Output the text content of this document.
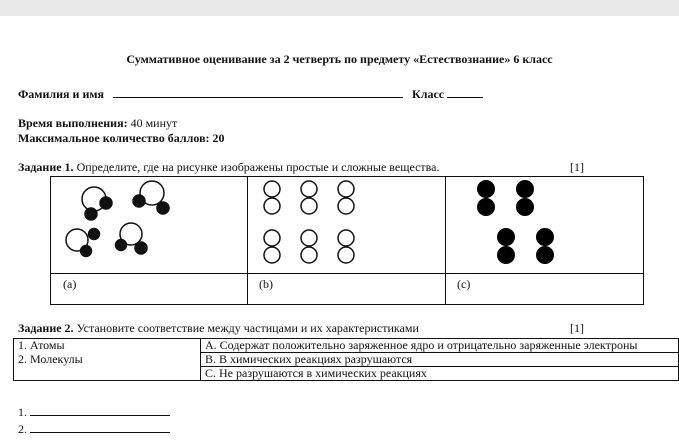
Суммативное оценивание за 2 четверть по предмету «Естествознание» 6 класс
Фамилия и имя	Класс
Время выполнения: 40 минут
Максимальное количество баллов: 20
Задание 1. Определите, где на рисунке изображены простые и сложные вещества.	[1]
(a)	(b)	(c)
Задание 2. Установите соответствие между частицами и их характеристиками	[1]
1. Атомы	A. Содержат положительно заряженное ядро и отрицательно заряженные электроны
2. Молекулы	B. В химических реакциях разрушаются
	C. Не разрушаются в химических реакциях
1.
2.
